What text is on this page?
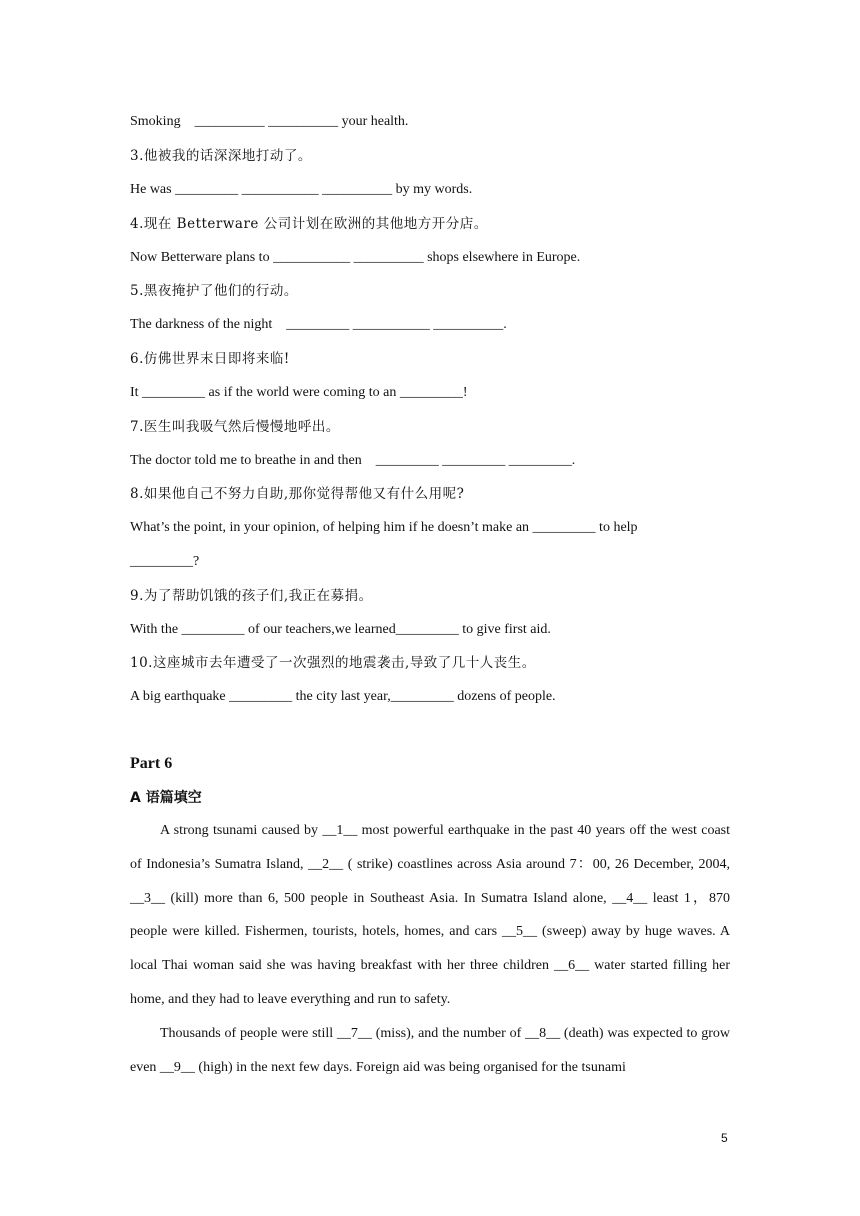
Smoking    __________ __________ your health.
3.他被我的话深深地打动了。
He was _________ ___________ __________ by my words.
4.现在 Betterware 公司计划在欧洲的其他地方开分店。
Now Betterware plans to ___________ __________ shops elsewhere in Europe.
5.黑夜掩护了他们的行动。
The darkness of the night    _________ ___________ __________.
6.仿佛世界末日即将来临!
It _________ as if the world were coming to an _________!
7.医生叫我吸气然后慢慢地呼出。
The doctor told me to breathe in and then    _________ _________ _________.
8.如果他自己不努力自助,那你觉得帮他又有什么用呢?
What’s the point, in your opinion, of helping him if he doesn’t make an _________ to help
_________?
9.为了帮助饥饿的孩子们,我正在募捐。
With the _________ of our teachers,we learned_________ to give first aid.
10.这座城市去年遭受了一次强烈的地震袭击,导致了几十人丧生。
A big earthquake _________ the city last year,_________ dozens of people.
Part 6
A 语篇填空

A strong tsunami caused by __1__ most powerful earthquake in the past 40 years off the west coast of Indonesia’s Sumatra Island, __2__ ( strike) coastlines across Asia around 7：00, 26 December, 2004, __3__ (kill) more than 6, 500 people in Southeast Asia. In Sumatra Island alone, __4__ least 1，870 people were killed. Fishermen, tourists, hotels, homes, and cars __5__ (sweep) away by huge waves. A local Thai woman said she was having breakfast with her three children __6__ water started filling her home, and they had to leave everything and run to safety.

Thousands of people were still __7__ (miss), and the number of __8__ (death) was expected to grow even __9__ (high) in the next few days. Foreign aid was being organised for the tsunami

5
